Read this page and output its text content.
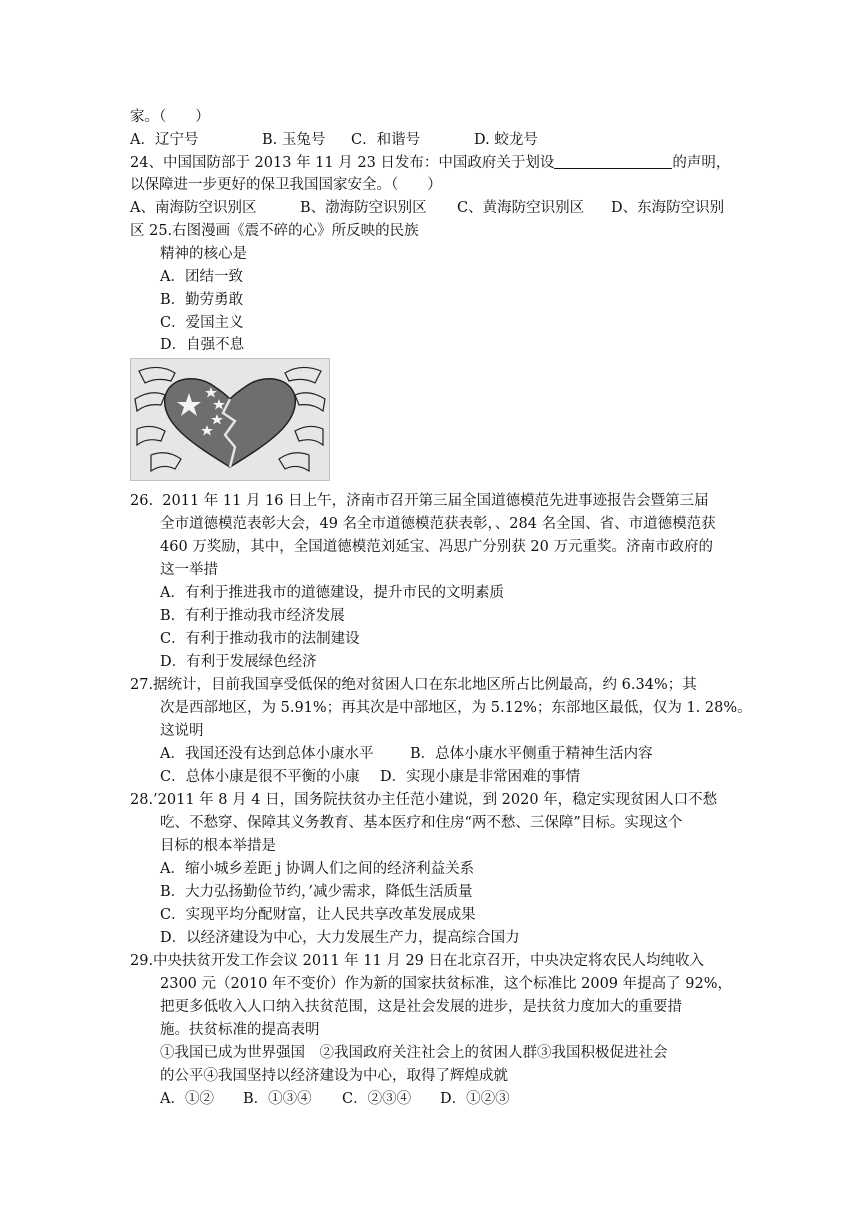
家。（　　）
A．辽宁号	B. 玉兔号 C．和谐号	D. 蛟龙号
24、中国国防部于 2013 年 11 月 23 日发布：中国政府关于划设	的声明，
以保障进一步更好的保卫我国国家安全。（　　）
A、南海防空识别区	B、渤海防空识别区 C、黄海防空识别区 D、东海防空识别
区 25.右图漫画《震不碎的心》所反映的民族
精神的核心是
A．团结一致
B．勤劳勇敢
C．爱国主义
D．自强不息
26.  2011 年 11 月 16 日上午，济南市召开第三届全国道德模范先进事迹报告会暨第三届
全市道德模范表彰大会，49 名全市道德模范获表彰，、284 名全国、省、市道德模范获
460 万奖励，其中，全国道德模范刘延宝、冯思广分别获 20 万元重奖。济南市政府的
这一举措
A．有利于推进我市的道德建设，提升市民的文明素质
B．有利于推动我市经济发展
C．有利于推动我市的法制建设
D．有利于发展绿色经济
27.据统计，目前我国享受低保的绝对贫困人口在东北地区所占比例最高，约 6.34%；其
次是西部地区，为 5.91%；再其次是中部地区，为 5.12%；东部地区最低，仅为 1. 28%。
这说明
A．我国还没有达到总体小康水平	B．总体小康水平侧重于精神生活内容
C．总体小康是很不平衡的小康 D．实现小康是非常困难的事情
28.’2011 年 8 月 4 日，国务院扶贫办主任范小建说，到 2020 年，稳定实现贫困人口不愁
吃、不愁穿、保障其义务教育、基本医疗和住房“两不愁、三保障”目标。实现这个
目标的根本举措是
A．缩小城乡差距 j 协调人们之间的经济利益关系
B．大力弘扬勤俭节约，’减少需求，降低生活质量
C．实现平均分配财富，让人民共享改革发展成果
D．以经济建设为中心，大力发展生产力，提高综合国力
29.中央扶贫开发工作会议 2011 年 11 月 29 日在北京召开，中央决定将农民人均纯收入
2300 元（2010 年不变价）作为新的国家扶贫标准，这个标准比 2009 年提高了 92%，
把更多低收入人口纳入扶贫范围，这是社会发展的进步，是扶贫力度加大的重要措
施。扶贫标准的提高表明
①我国已成为世界强国　②我国政府关注社会上的贫困人群③我国积极促进社会
的公平④我国坚持以经济建设为中心，取得了辉煌成就
A．①② B．①③④ C．②③④ D．①②③
